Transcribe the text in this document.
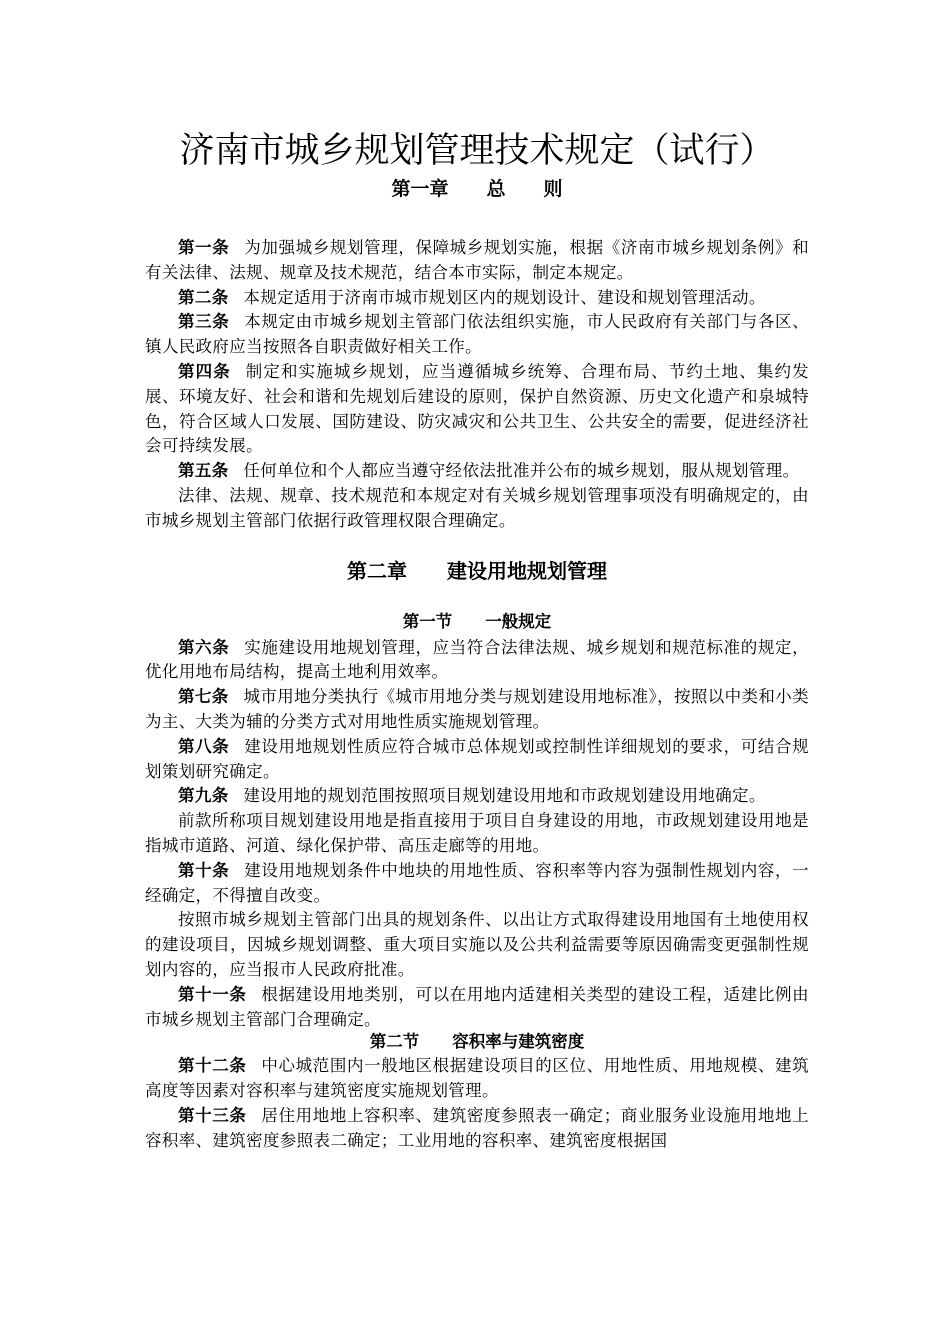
济南市城乡规划管理技术规定（试行）
第一章　　总　　则

第一条 为加强城乡规划管理，保障城乡规划实施，根据《济南市城乡规划条例》和有关法律、法规、规章及技术规范，结合本市实际，制定本规定。

第二条 本规定适用于济南市城市规划区内的规划设计、建设和规划管理活动。

第三条 本规定由市城乡规划主管部门依法组织实施，市人民政府有关部门与各区、镇人民政府应当按照各自职责做好相关工作。

第四条 制定和实施城乡规划，应当遵循城乡统筹、合理布局、节约土地、集约发展、环境友好、社会和谐和先规划后建设的原则，保护自然资源、历史文化遗产和泉城特色，符合区域人口发展、国防建设、防灾减灾和公共卫生、公共安全的需要，促进经济社会可持续发展。

第五条 任何单位和个人都应当遵守经依法批准并公布的城乡规划，服从规划管理。

法律、法规、规章、技术规范和本规定对有关城乡规划管理事项没有明确规定的，由市城乡规划主管部门依据行政管理权限合理确定。

第二章　　建设用地规划管理
第一节　　一般规定

第六条 实施建设用地规划管理，应当符合法律法规、城乡规划和规范标准的规定，优化用地布局结构，提高土地利用效率。

第七条 城市用地分类执行《城市用地分类与规划建设用地标准》，按照以中类和小类为主、大类为辅的分类方式对用地性质实施规划管理。

第八条 建设用地规划性质应符合城市总体规划或控制性详细规划的要求，可结合规划策划研究确定。

第九条 建设用地的规划范围按照项目规划建设用地和市政规划建设用地确定。

前款所称项目规划建设用地是指直接用于项目自身建设的用地，市政规划建设用地是指城市道路、河道、绿化保护带、高压走廊等的用地。

第十条 建设用地规划条件中地块的用地性质、容积率等内容为强制性规划内容，一经确定，不得擅自改变。

按照市城乡规划主管部门出具的规划条件、以出让方式取得建设用地国有土地使用权的建设项目，因城乡规划调整、重大项目实施以及公共利益需要等原因确需变更强制性规划内容的，应当报市人民政府批准。

第十一条 根据建设用地类别，可以在用地内适建相关类型的建设工程，适建比例由市城乡规划主管部门合理确定。

第二节　　容积率与建筑密度

第十二条 中心城范围内一般地区根据建设项目的区位、用地性质、用地规模、建筑高度等因素对容积率与建筑密度实施规划管理。

第十三条 居住用地地上容积率、建筑密度参照表一确定；商业服务业设施用地地上容积率、建筑密度参照表二确定；工业用地的容积率、建筑密度根据国
